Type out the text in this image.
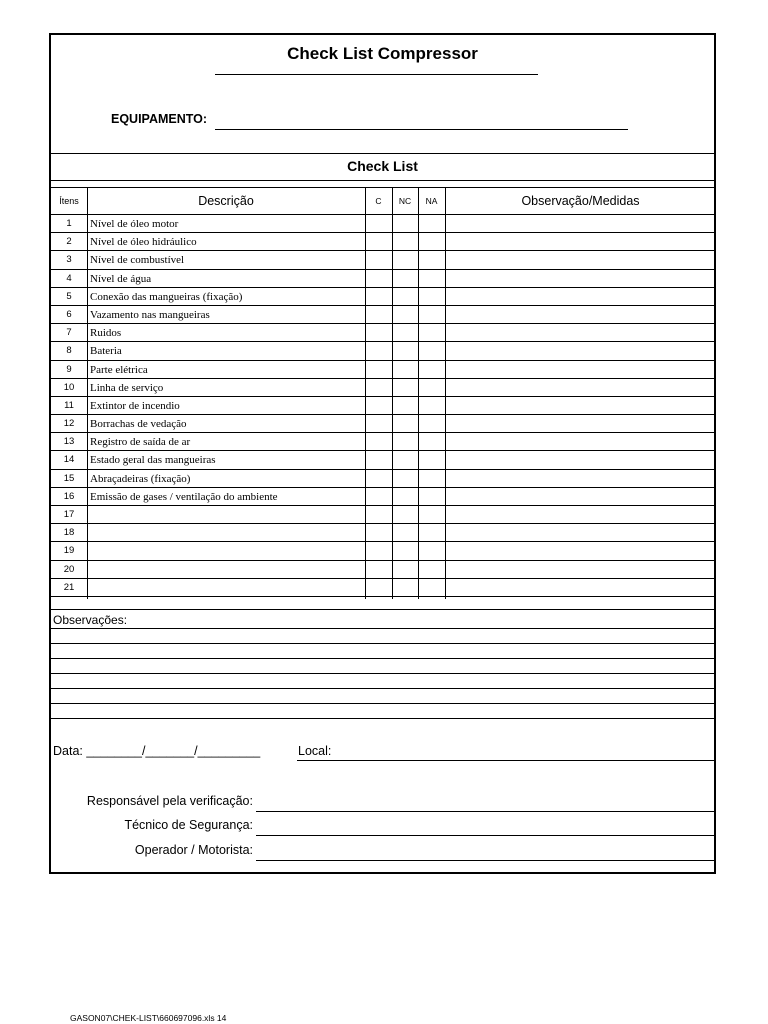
Check List Compressor
EQUIPAMENTO:
Check List
Ítens	Descrição	C	NC	NA	Observação/Medidas
1	Nível de óleo motor
2	Nível de óleo hidráulico
3	Nível de combustível
4	Nível de água
5	Conexão das mangueiras (fixação)
6	Vazamento nas mangueiras
7	Ruidos
8	Bateria
9	Parte elétrica
10	Linha de serviço
11	Extintor de incendio
12	Borrachas de vedação
13	Registro de saída de ar
14	Estado geral das mangueiras
15	Abraçadeiras (fixação)
16	Emissão de gases / ventilação do ambiente
17
18
19
20
21
Observações:
Data: ________/_______/_________	Local:
Responsável pela verificação:
Técnico de Segurança:
Operador / Motorista:
GASON07\CHEK-LIST\660697096.xls 14
